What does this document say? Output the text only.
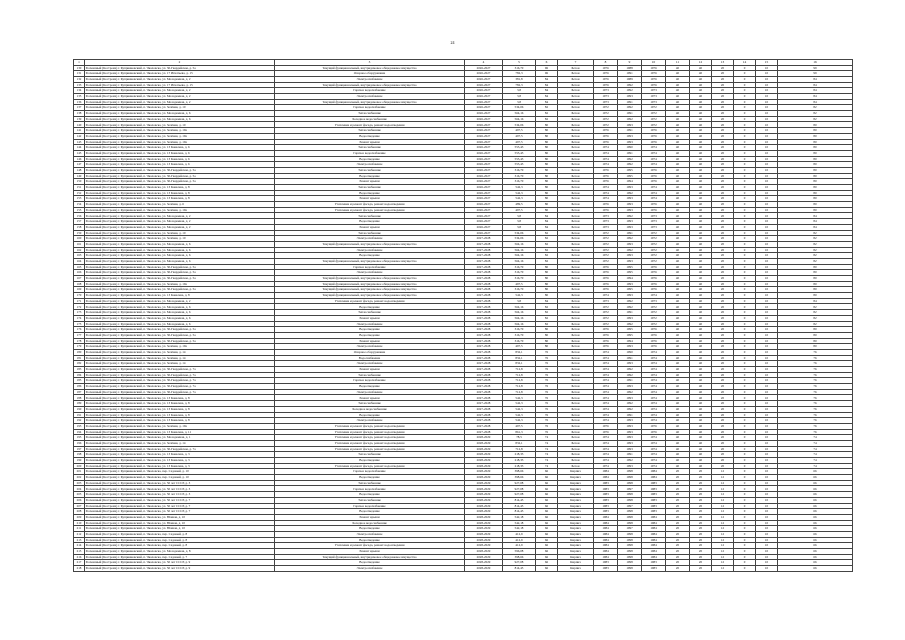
24
1	2	3	4	5	6	7	8	9	10	11	12	13	14	15	16
130	Роскошный (Кострома) г. Куприяновский, п. Чкаловска, ул. 30-Гвардейская, д. 5а	Текущий функциональный, внутридомовое общедомовое имущество	2026-2027	316,70	96	Бетон	1976	1988	1976	40	40	20	0	10	99
131	Роскошный (Кострома) г. Куприяновский, п. Чкаловска, ул. 17 Игнатьева, д. 15	Опорное оборудование	2026-2027	782,3	96	Бетон	1976	1991	1976	40	40	20	0	10	99
132	Роскошный (Кострома) г. Куприяновский, п. Чкаловска, ул. Молодежная, д. 2	Электроснабжение	2026-2027	381,8	84	Бетон	1976	1989	1976	40	40	20	0	10	84
133	Роскошный (Кострома) г. Куприяновский, п. Чкаловска, ул. 17 Игнатьева, д. 15	Текущий функциональный, внутридомовое общедомовое имущество	2026-2027	782,3	84	Бетон	1976	1992	1976	40	40	20	0	10	84
134	Роскошный (Кострома) г. Куприяновский, п. Чкаловска, ул. Молодежная, д. 2	Горячее водоснабжение	2026-2027	3,8	84	Бетон	1973	1992	1973	40	40	20	0	10	84
135	Роскошный (Кострома) г. Куприяновский, п. Чкаловска, ул. Молодежная, д. 2	Электроснабжение	2026-2027	3,8	84	Бетон	1973	1993	1973	40	40	20	0	10	84
136	Роскошный (Кострома) г. Куприяновский, п. Чкаловска, ул. Молодежная, д. 2	Текущий функциональный, внутридомовое общедомовое имущество	2026-2027	3,8	84	Бетон	1973	1991	1973	40	40	20	0	10	84
137	Роскошный (Кострома) г. Куприяновский, п. Чкаловска, ул. Зелёная, д. 10	Горячее водоснабжение	2026-2027	534,06	82	Бетон	1972	1992	1972	40	40	20	0	10	82
138	Роскошный (Кострома) г. Куприяновский, п. Чкаловска, ул. Молодежная, д. 6	Теплоснабжение	2026-2027	564,16	82	Бетон	1972	1991	1972	40	40	20	0	10	82
139	Роскошный (Кострома) г. Куприяновский, п. Чкаловска, ул. Молодежная, д. 6	Холодное водоснабжение	2026-2027	564,16	82	Бетон	1972	1992	1972	40	40	20	0	10	82
140	Роскошный (Кострома) г. Куприяновский, п. Чкаловска, ул. Зелёная, д. 10	Утепление и ремонт фасада, ремонт водоотведения	2026-2027	534,06	80	Бетон	1972	1993	1972	40	40	20	0	10	80
141	Роскошный (Кострома) г. Куприяновский, п. Чкаловска, ул. Зелёная, д. 19а	Теплоснабжение	2026-2027	497,5	80	Бетон	1976	1991	1976	40	40	20	0	10	80
142	Роскошный (Кострома) г. Куприяновский, п. Чкаловска, ул. Зелёная, д. 19а	Водоотведение	2026-2027	497,5	80	Бетон	1976	1993	1976	40	40	20	0	10	80
143	Роскошный (Кострома) г. Куприяновский, п. Чкаловска, ул. Зелёная, д. 19а	Ремонт крыши	2026-2027	497,5	80	Бетон	1976	1993	1976	40	40	20	0	10	80
144	Роскошный (Кострома) г. Куприяновский, п. Чкаловска, ул. 13 Ковалева, д. 6	Теплоснабжение	2026-2027	553,43	80	Бетон	1974	1990	1974	40	40	20	0	10	80
145	Роскошный (Кострома) г. Куприяновский, п. Чкаловска, ул. 13 Ковалева, д. 6	Горячее водоснабжение	2026-2027	553,43	80	Бетон	1974	1991	1974	40	40	20	0	10	80
146	Роскошный (Кострома) г. Куприяновский, п. Чкаловска, ул. 13 Ковалева, д. 6	Водоотведение	2026-2027	553,43	80	Бетон	1974	1992	1974	40	40	20	0	10	80
147	Роскошный (Кострома) г. Куприяновский, п. Чкаловска, ул. 13 Ковалева, д. 6	Электроснабжение	2026-2027	553,43	80	Бетон	1974	1992	1974	40	40	20	0	10	80
148	Роскошный (Кострома) г. Куприяновский, п. Чкаловска, ул. 30-Гвардейская, д. 5а	Теплоснабжение	2026-2027	316,70	80	Бетон	1976	1995	1976	40	40	20	0	10	80
149	Роскошный (Кострома) г. Куприяновский, п. Чкаловска, ул. 30-Гвардейская, д. 5а	Водоотведение	2026-2027	316,70	80	Бетон	1976	1995	1976	40	40	20	0	10	80
150	Роскошный (Кострома) г. Куприяновский, п. Чкаловска, ул. 30-Гвардейская, д. 5а	Ремонт крыши	2026-2027	316,70	80	Бетон	1976	1994	1976	40	40	20	0	10	80
151	Роскошный (Кострома) г. Куприяновский, п. Чкаловска, ул. 13 Ковалева, д. 8	Теплоснабжение	2026-2027	542,3	80	Бетон	1974	1993	1974	40	40	20	0	10	80
152	Роскошный (Кострома) г. Куприяновский, п. Чкаловска, ул. 13 Ковалева, д. 8	Водоотведение	2026-2027	542,3	80	Бетон	1974	1992	1974	40	40	20	0	10	80
153	Роскошный (Кострома) г. Куприяновский, п. Чкаловска, ул. 13 Ковалева, д. 8	Ремонт крыши	2026-2027	542,3	80	Бетон	1974	1993	1974	40	40	20	0	10	80
154	Роскошный (Кострома) г. Куприяновский, п. Чкаловска, ул. Зелёная, д. 6	Утепление и ремонт фасада, ремонт водоотведения	2026-2027	489,5	80	Бетон	1976	1993	1976	40	40	20	0	10	80
155	Роскошный (Кострома) г. Куприяновский, п. Чкаловска, ул. Зелёная, д. 19а	Утепление и ремонт фасада, ремонт водоотведения	2026-2027	497,5	80	Бетон	1976	1993	1976	40	40	20	0	10	80
156	Роскошный (Кострома) г. Куприяновский, п. Чкаловска, ул. Молодежная, д. 2	Теплоснабжение	2026-2027	3,8	84	Бетон	1973	1992	1973	40	40	20	0	10	84
157	Роскошный (Кострома) г. Куприяновский, п. Чкаловска, ул. Молодежная, д. 2	Водоотведение	2026-2027	3,8	84	Бетон	1973	1993	1973	40	40	20	0	10	84
158	Роскошный (Кострома) г. Куприяновский, п. Чкаловска, ул. Молодежная, д. 2	Ремонт крыши	2026-2027	3,8	84	Бетон	1973	1993	1973	40	40	20	0	10	84
159	Роскошный (Кострома) г. Куприяновский, п. Чкаловска, ул. Зелёная, д. 10	Теплоснабжение	2026-2027	534,06	82	Бетон	1972	1991	1972	40	40	20	0	10	82
160	Роскошный (Кострома) г. Куприяновский, п. Чкаловска, ул. Зелёная, д. 10	Электроснабжение	2027-2028	534,06	82	Бетон	1972	1992	1972	40	40	20	0	10	82
161	Роскошный (Кострома) г. Куприяновский, п. Чкаловска, ул. Молодежная, д. 6	Текущий функциональный, внутридомовое общедомовое имущество	2027-2028	564,16	82	Бетон	1972	1993	1972	40	40	20	0	10	82
162	Роскошный (Кострома) г. Куприяновский, п. Чкаловска, ул. Молодежная, д. 6	Электроснабжение	2027-2028	564,16	82	Бетон	1972	1992	1972	40	40	20	0	10	82
163	Роскошный (Кострома) г. Куприяновский, п. Чкаловска, ул. Молодежная, д. 6	Водоотведение	2027-2028	564,16	82	Бетон	1972	1993	1972	40	40	20	0	10	82
164	Роскошный (Кострома) г. Куприяновский, п. Чкаловска, ул. Молодежная, д. 6	Текущий функциональный, внутридомовое общедомовое имущество	2027-2028	564,16	82	Бетон	1972	1993	1972	40	40	20	0	10	82
165	Роскошный (Кострома) г. Куприяновский, п. Чкаловска, ул. 30-Гвардейская, д. 5а	Горячее водоснабжение	2027-2028	316,70	80	Бетон	1976	1995	1976	40	40	20	0	10	80
166	Роскошный (Кострома) г. Куприяновский, п. Чкаловска, ул. 30-Гвардейская, д. 5а	Электроснабжение	2027-2028	316,70	80	Бетон	1976	1995	1976	40	40	20	0	10	80
167	Роскошный (Кострома) г. Куприяновский, п. Чкаловска, ул. 30-Гвардейская, д. 5а	Текущий функциональный, внутридомовое общедомовое имущество	2027-2028	316,70	80	Бетон	1976	1994	1976	40	40	20	0	10	80
168	Роскошный (Кострома) г. Куприяновский, п. Чкаловска, ул. Зелёная, д. 19а	Текущий функциональный, внутридомовое общедомовое имущество	2027-2028	497,5	80	Бетон	1976	1993	1976	40	40	20	0	10	80
169	Роскошный (Кострома) г. Куприяновский, п. Чкаловска, ул. 30-Гвардейская, д. 5а	Текущий функциональный, внутридомовое общедомовое имущество	2027-2028	316,70	80	Бетон	1976	1995	1976	40	40	20	0	10	80
170	Роскошный (Кострома) г. Куприяновский, п. Чкаловска, ул. 13 Ковалева, д. 8	Текущий функциональный, внутридомовое общедомовое имущество	2027-2028	542,3	80	Бетон	1974	1993	1974	40	40	20	0	10	80
171	Роскошный (Кострома) г. Куприяновский, п. Чкаловска, ул. Молодежная, д. 2	Утепление и ремонт фасада, ремонт водоотведения	2027-2028	3,8	84	Бетон	1973	1992	1973	40	40	20	0	10	84
172	Роскошный (Кострома) г. Куприяновский, п. Чкаловска, ул. Молодежная, д. 6	Водоотведение	2027-2028	564,16	82	Бетон	1972	1992	1972	40	40	20	0	10	82
173	Роскошный (Кострома) г. Куприяновский, п. Чкаловска, ул. Молодежная, д. 6	Теплоснабжение	2027-2028	564,16	82	Бетон	1972	1991	1972	40	40	20	0	10	82
174	Роскошный (Кострома) г. Куприяновский, п. Чкаловска, ул. Молодежная, д. 6	Ремонт крыши	2027-2028	564,16	82	Бетон	1972	1993	1972	40	40	20	0	10	82
175	Роскошный (Кострома) г. Куприяновский, п. Чкаловска, ул. Молодежная, д. 6	Электроснабжение	2027-2028	564,16	82	Бетон	1972	1992	1972	40	40	20	0	10	82
176	Роскошный (Кострома) г. Куприяновский, п. Чкаловска, ул. 30-Гвардейская, д. 5а	Водоотведение	2027-2028	316,70	80	Бетон	1976	1995	1976	40	40	20	0	10	80
177	Роскошный (Кострома) г. Куприяновский, п. Чкаловска, ул. 30-Гвардейская, д. 5а	Водоотведение	2027-2028	316,70	80	Бетон	1976	1995	1976	40	40	20	0	10	80
178	Роскошный (Кострома) г. Куприяновский, п. Чкаловска, ул. 30-Гвардейская, д. 5а	Ремонт крыши	2027-2028	316,70	80	Бетон	1976	1994	1976	40	40	20	0	10	80
179	Роскошный (Кострома) г. Куприяновский, п. Чкаловска, ул. Зелёная, д. 19а	Электроснабжение	2027-2028	497,5	80	Бетон	1976	1993	1976	40	40	20	0	10	80
180	Роскошный (Кострома) г. Куприяновский, п. Чкаловска, ул. Зелёная, д. 14	Опорное оборудование	2027-2028	832,1	76	Бетон	1974	1990	1974	40	40	20	0	10	76
181	Роскошный (Кострома) г. Куприяновский, п. Чкаловска, ул. Зелёная, д. 14	Водоснабжение	2027-2028	832,1	76	Бетон	1974	1991	1974	40	40	20	0	10	76
182	Роскошный (Кострома) г. Куприяновский, п. Чкаловска, ул. Зелёная, д. 14	Электроснабжение	2027-2028	832,1	76	Бетон	1974	1993	1974	40	40	20	0	10	76
183	Роскошный (Кострома) г. Куприяновский, п. Чкаловска, ул. 30-Гвардейская, д. 7а	Ремонт крыши	2027-2028	712,8	76	Бетон	1974	1992	1974	40	40	20	0	10	76
184	Роскошный (Кострома) г. Куприяновский, п. Чкаловска, ул. 30-Гвардейская, д. 7а	Теплоснабжение	2027-2028	712,8	76	Бетон	1974	1992	1974	40	40	20	0	10	76
185	Роскошный (Кострома) г. Куприяновский, п. Чкаловска, ул. 30-Гвардейская, д. 7а	Горячее водоснабжение	2027-2028	712,8	76	Бетон	1974	1991	1974	40	40	20	0	10	76
186	Роскошный (Кострома) г. Куприяновский, п. Чкаловска, ул. 30-Гвардейская, д. 7а	Водоотведение	2027-2028	712,8	76	Бетон	1974	1993	1974	40	40	20	0	10	76
187	Роскошный (Кострома) г. Куприяновский, п. Чкаловска, ул. 30-Гвардейская, д. 7а	Электроснабжение	2027-2028	712,8	76	Бетон	1974	1992	1974	40	40	20	0	10	76
188	Роскошный (Кострома) г. Куприяновский, п. Чкаловска, ул. 13 Ковалева, д. 8	Ремонт крыши	2027-2028	542,3	76	Бетон	1974	1993	1974	40	40	20	0	10	76
189	Роскошный (Кострома) г. Куприяновский, п. Чкаловска, ул. 13 Ковалева, д. 8	Теплоснабжение	2027-2028	542,3	76	Бетон	1974	1992	1974	40	40	20	0	10	76
190	Роскошный (Кострома) г. Куприяновский, п. Чкаловска, ул. 13 Ковалева, д. 8	Холодное водоснабжение	2027-2028	542,3	76	Бетон	1974	1992	1974	40	40	20	0	10	76
191	Роскошный (Кострома) г. Куприяновский, п. Чкаловска, ул. 13 Ковалева, д. 8	Водоотведение	2027-2028	542,3	76	Бетон	1974	1991	1974	40	40	20	0	10	76
192	Роскошный (Кострома) г. Куприяновский, п. Чкаловска, ул. 13 Ковалева, д. 8	Электроснабжение	2027-2028	542,3	76	Бетон	1974	1993	1974	40	40	20	0	10	76
193	Роскошный (Кострома) г. Куприяновский, п. Чкаловска, ул. Зелёная, д. 19а	Утепление и ремонт фасада, ремонт водоотведения	2027-2028	497,5	76	Бетон	1976	1993	1976	40	40	20	0	10	76
194	Роскошный (Кострома) г. Куприяновский, п. Чкаловска, ул. 13 Ковалева, д. 11	Утепление и ремонт фасада, ремонт водоотведения	2027-2028	861,3	76	Бетон	1976	1993	1976	40	40	20	0	10	76
195	Роскошный (Кострома) г. Куприяновский, п. Чкаловска, ул. Молодежная, д. 1	Утепление и ремонт фасада, ремонт водоотведения	2028-2029	78,5	74	Бетон	1974	1993	1974	40	40	20	0	10	74
196	Роскошный (Кострома) г. Куприяновский, п. Чкаловска, ул. Зелёная, д. 14	Утепление и ремонт фасада, ремонт водоотведения	2028-2029	832,1	74	Бетон	1974	1993	1974	40	40	20	0	10	74
197	Роскошный (Кострома) г. Куприяновский, п. Чкаловска, ул. 30-Гвардейская, д. 7а	Утепление и ремонт фасада, ремонт водоотведения	2028-2029	712,8	74	Бетон	1974	1993	1974	40	40	20	0	10	74
198	Роскошный (Кострома) г. Куприяновский, п. Чкаловска, ул. 13 Ковалева, д. 3	Теплоснабжение	2028-2029	218,33	74	Бетон	1974	1991	1974	40	40	20	0	10	74
199	Роскошный (Кострома) г. Куприяновский, п. Чкаловска, ул. 13 Ковалева, д. 3	Водоотведение	2028-2029	218,33	74	Бетон	1974	1992	1974	40	40	20	0	10	74
200	Роскошный (Кострома) г. Куприяновский, п. Чкаловска, ул. 13 Ковалева, д. 3	Утепление и ремонт фасада, ремонт водоотведения	2028-2029	218,33	74	Бетон	1974	1993	1974	40	40	20	0	10	74
201	Роскошный (Кострома) г. Куприяновский, п. Чкаловска, пер. Садовый, д. 10	Горячее водоснабжение	2028-2029	398,66	66	Кирпич	1984	1998	1984	20	20	12	0	10	66
202	Роскошный (Кострома) г. Куприяновский, п. Чкаловска, пер. Садовый, д. 10	Водоотведение	2028-2029	398,66	66	Кирпич	1984	1998	1984	20	20	12	0	10	66
203	Роскошный (Кострома) г. Куприяновский, п. Чкаловска, ул. 50 лет СССР, д. 3	Теплоснабжение	2028-2029	927,08	66	Кирпич	1983	1998	1983	20	20	12	0	10	66
204	Роскошный (Кострома) г. Куприяновский, п. Чкаловска, ул. 50 лет СССР, д. 3	Горячее водоснабжение	2028-2029	927,08	66	Кирпич	1983	1997	1983	20	20	12	0	10	66
205	Роскошный (Кострома) г. Куприяновский, п. Чкаловска, ул. 50 лет СССР, д. 3	Водоотведение	2028-2029	927,08	66	Кирпич	1983	1998	1983	20	20	12	0	10	66
206	Роскошный (Кострома) г. Куприяновский, п. Чкаловска, ул. 50 лет СССР, д. 7	Теплоснабжение	2028-2029	814,45	66	Кирпич	1983	1998	1983	20	20	12	0	10	66
207	Роскошный (Кострома) г. Куприяновский, п. Чкаловска, ул. 50 лет СССР, д. 7	Горячее водоснабжение	2028-2029	814,45	66	Кирпич	1983	1997	1983	20	20	12	0	10	66
208	Роскошный (Кострома) г. Куприяновский, п. Чкаловска, ул. 50 лет СССР, д. 7	Водоотведение	2028-2029	814,45	66	Кирпич	1983	1998	1983	20	20	12	0	10	66
209	Роскошный (Кострома) г. Куприяновский, п. Чкаловска, ул. Южная, д. 10	Ремонт крыши	2028-2029	542,18	66	Кирпич	1984	1998	1984	20	20	12	0	10	66
210	Роскошный (Кострома) г. Куприяновский, п. Чкаловска, ул. Южная, д. 10	Холодное водоснабжение	2028-2029	542,18	66	Кирпич	1984	1998	1984	20	20	12	0	10	66
211	Роскошный (Кострома) г. Куприяновский, п. Чкаловска, ул. Южная, д. 10	Водоотведение	2028-2029	542,18	66	Кирпич	1984	1997	1984	20	20	12	0	10	66
212	Роскошный (Кострома) г. Куприяновский, п. Чкаловска, пер. Садовый, д. 8	Электроснабжение	2028-2029	412,9	66	Кирпич	1984	1998	1984	20	20	12	0	10	66
213	Роскошный (Кострома) г. Куприяновский, п. Чкаловска, пер. Садовый, д. 8	Водоотведение	2028-2029	412,9	66	Кирпич	1984	1998	1984	20	20	12	0	10	66
214	Роскошный (Кострома) г. Куприяновский, п. Чкаловска, пер. Садовый, д. 8	Утепление и ремонт фасада, ремонт водоотведения	2028-2029	412,9	66	Кирпич	1984	1998	1984	20	20	12	0	10	66
215	Роскошный (Кострома) г. Куприяновский, п. Чкаловска, ул. Молодежная, д. 8	Ремонт крыши	2028-2029	596,08	66	Кирпич	1984	1998	1984	20	20	12	0	10	66
216	Роскошный (Кострома) г. Куприяновский, п. Чкаловска, пер. Садовый, д. 7	Текущий функциональный, внутридомовое общедомовое имущество	2028-2029	398,66	66	Кирпич	1984	1998	1984	20	20	12	0	10	66
217	Роскошный (Кострома) г. Куприяновский, п. Чкаловска, ул. 50 лет СССР, д. 9	Водоотведение	2028-2029	927,08	66	Кирпич	1983	1998	1983	20	20	12	0	10	66
218	Роскошный (Кострома) г. Куприяновский, п. Чкаловска, ул. 50 лет СССР, д. 9	Электроснабжение	2028-2029	814,45	66	Кирпич	1983	1998	1983	20	20	12	0	10	66
